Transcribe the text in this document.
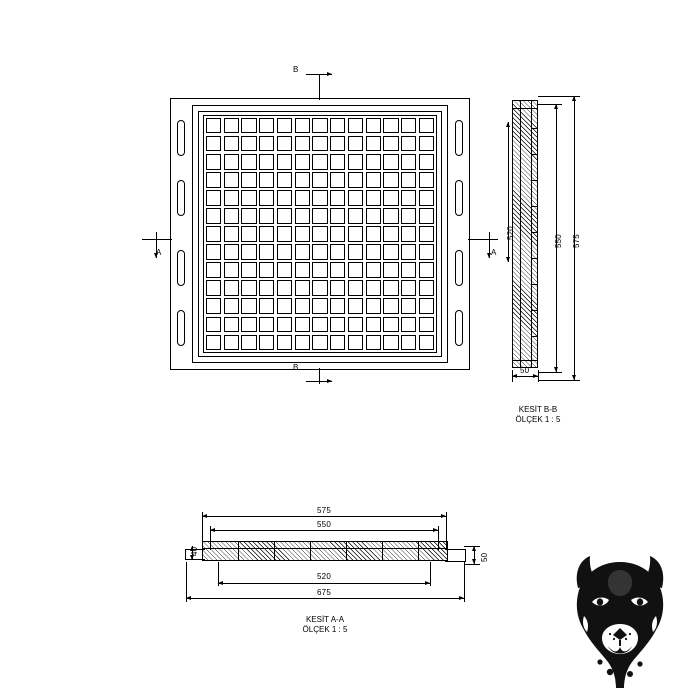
B
B
A	A
520
550 575
50
KESİT B-B
ÖLÇEK 1 : 5
575
550
520
675
40
50
KESİT A-A
ÖLÇEK 1 : 5
